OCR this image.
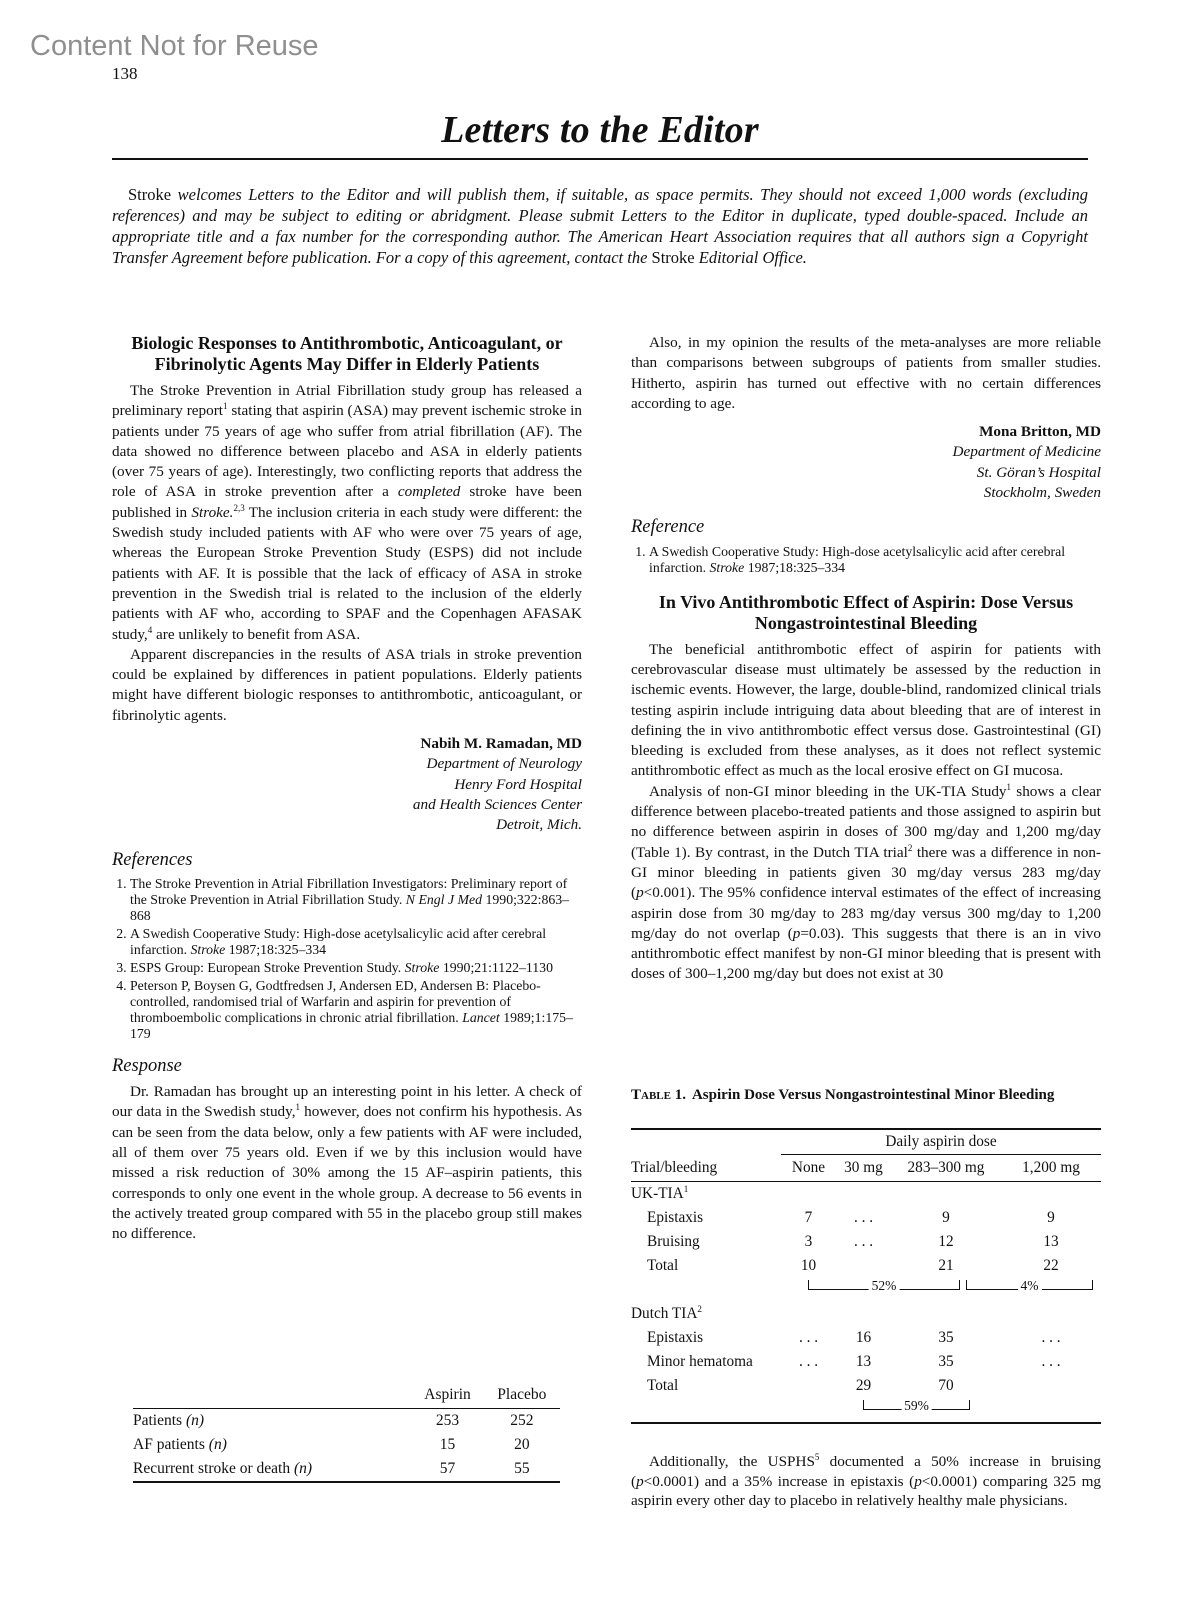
Content Not for Reuse
138
Letters to the Editor
Stroke welcomes Letters to the Editor and will publish them, if suitable, as space permits. They should not exceed 1,000 words (excluding references) and may be subject to editing or abridgment. Please submit Letters to the Editor in duplicate, typed double-spaced. Include an appropriate title and a fax number for the corresponding author. The American Heart Association requires that all authors sign a Copyright Transfer Agreement before publication. For a copy of this agreement, contact the Stroke Editorial Office.
Biologic Responses to Antithrombotic, Anticoagulant, or Fibrinolytic Agents May Differ in Elderly Patients

The Stroke Prevention in Atrial Fibrillation study group has released a preliminary report$^1$ stating that aspirin (ASA) may prevent ischemic stroke in patients under 75 years of age who suffer from atrial fibrillation (AF). The data showed no difference between placebo and ASA in elderly patients (over 75 years of age). Interestingly, two conflicting reports that address the role of ASA in stroke prevention after a completed stroke have been published in Stroke.$^{2,3}$ The inclusion criteria in each study were different: the Swedish study included patients with AF who were over 75 years of age, whereas the European Stroke Prevention Study (ESPS) did not include patients with AF. It is possible that the lack of efficacy of ASA in stroke prevention in the Swedish trial is related to the inclusion of the elderly patients with AF who, according to SPAF and the Copenhagen AFASAK study,$^4$ are unlikely to benefit from ASA.

Apparent discrepancies in the results of ASA trials in stroke prevention could be explained by differences in patient populations. Elderly patients might have different biologic responses to antithrombotic, anticoagulant, or fibrinolytic agents.

Nabih M. Ramadan, MD
Department of Neurology
Henry Ford Hospital
and Health Sciences Center
Detroit, Mich.
References
1. The Stroke Prevention in Atrial Fibrillation Investigators: Preliminary report of the Stroke Prevention in Atrial Fibrillation Study. N Engl J Med 1990;322:863–868
2. A Swedish Cooperative Study: High-dose acetylsalicylic acid after cerebral infarction. Stroke 1987;18:325–334
3. ESPS Group: European Stroke Prevention Study. Stroke 1990;21:1122–1130
4. Peterson P, Boysen G, Godtfredsen J, Andersen ED, Andersen B: Placebo-controlled, randomised trial of Warfarin and aspirin for prevention of thromboembolic complications in chronic atrial fibrillation. Lancet 1989;1:175–179
Response

Dr. Ramadan has brought up an interesting point in his letter. A check of our data in the Swedish study,$^1$ however, does not confirm his hypothesis. As can be seen from the data below, only a few patients with AF were included, all of them over 75 years old. Even if we by this inclusion would have missed a risk reduction of 30% among the 15 AF–aspirin patients, this corresponds to only one event in the whole group. A decrease to 56 events in the actively treated group compared with 55 in the placebo group still makes no difference.

	Aspirin	Placebo
Patients (n)	253	252
AF patients (n)	15	20
Recurrent stroke or death (n)	57	55

Also, in my opinion the results of the meta-analyses are more reliable than comparisons between subgroups of patients from smaller studies. Hitherto, aspirin has turned out effective with no certain differences according to age.

Mona Britton, MD
Department of Medicine
St. Göran’s Hospital
Stockholm, Sweden
Reference
1. A Swedish Cooperative Study: High-dose acetylsalicylic acid after cerebral infarction. Stroke 1987;18:325–334
In Vivo Antithrombotic Effect of Aspirin: Dose Versus Nongastrointestinal Bleeding

The beneficial antithrombotic effect of aspirin for patients with cerebrovascular disease must ultimately be assessed by the reduction in ischemic events. However, the large, double-blind, randomized clinical trials testing aspirin include intriguing data about bleeding that are of interest in defining the in vivo antithrombotic effect versus dose. Gastrointestinal (GI) bleeding is excluded from these analyses, as it does not reflect systemic antithrombotic effect as much as the local erosive effect on GI mucosa.

Analysis of non-GI minor bleeding in the UK-TIA Study$^1$ shows a clear difference between placebo-treated patients and those assigned to aspirin but no difference between aspirin in doses of 300 mg/day and 1,200 mg/day (Table 1). By contrast, in the Dutch TIA trial$^2$ there was a difference in non-GI minor bleeding in patients given 30 mg/day versus 283 mg/day (p<0.001). The 95% confidence interval estimates of the effect of increasing aspirin dose from 30 mg/day to 283 mg/day versus 300 mg/day to 1,200 mg/day do not overlap (p=0.03). This suggests that there is an in vivo antithrombotic effect manifest by non-GI minor bleeding that is present with doses of 300–1,200 mg/day but does not exist at 30

Table 1. Aspirin Dose Versus Nongastrointestinal Minor Bleeding
	Daily aspirin dose			
Trial/bleeding	None	30 mg	283–300 mg	1,200 mg
UK-TIA$^1$
Epistaxis	7	. . .	9	9
Bruising	3	. . .	12	13
Total	10		21	22

	52% 4%			

Dutch TIA$^2$
Epistaxis	. . .	16	35	. . .
Minor hematoma	. . .	13	35	. . .
Total		29	70	

	59%			

Additionally, the USPHS$^5$ documented a 50% increase in bruising (p<0.0001) and a 35% increase in epistaxis (p<0.0001) comparing 325 mg aspirin every other day to placebo in relatively healthy male physicians.
